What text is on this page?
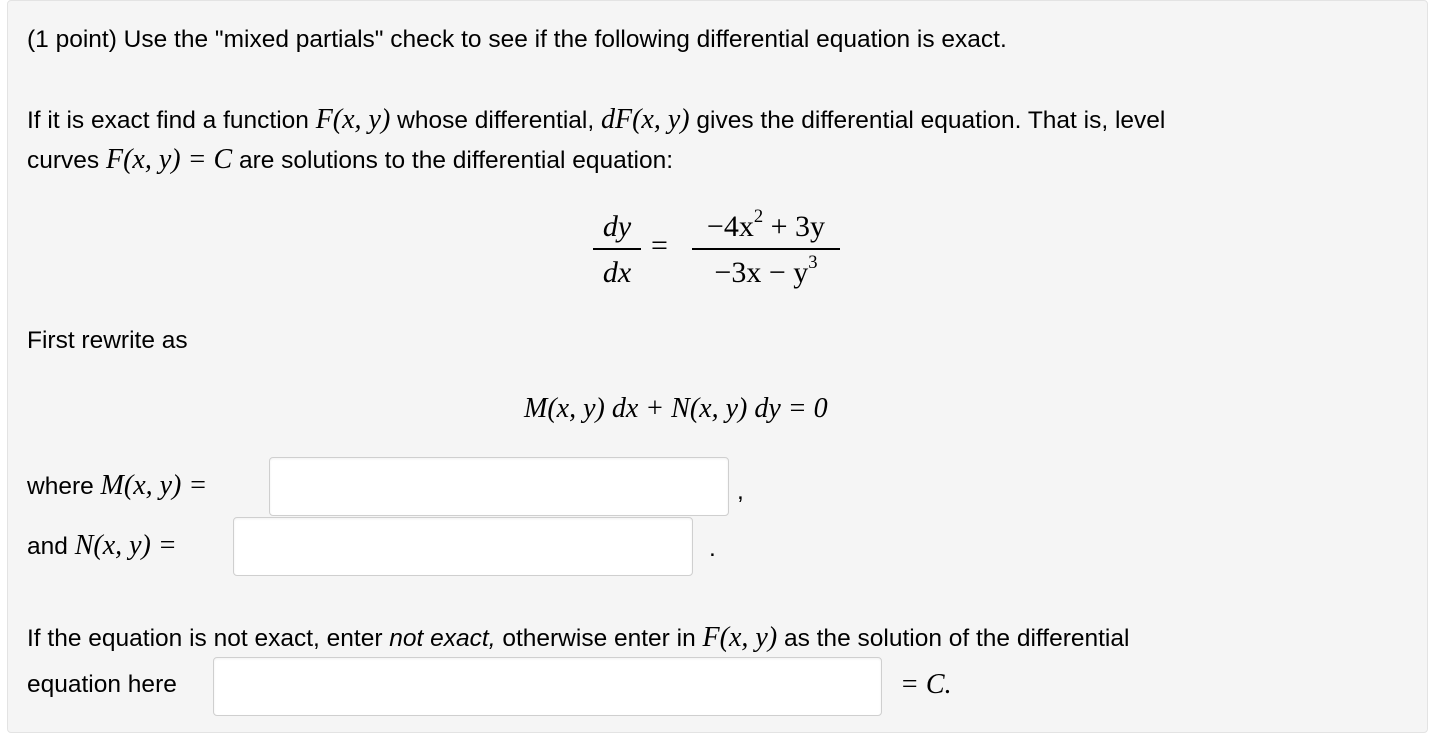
(1 point) Use the "mixed partials" check to see if the following differential equation is exact.
If it is exact find a function F(x, y) whose differential, dF(x, y) gives the differential equation. That is, level
curves F(x, y) = C are solutions to the differential equation:
dy
dx
=
$-4x^2 + 3y$
$-3x - y^3$
First rewrite as
M(x, y) dx + N(x, y) dy = 0
where M(x, y) =	,
and N(x, y) =	.
If the equation is not exact, enter not exact, otherwise enter in F(x, y) as the solution of the differential
equation here	= C.
